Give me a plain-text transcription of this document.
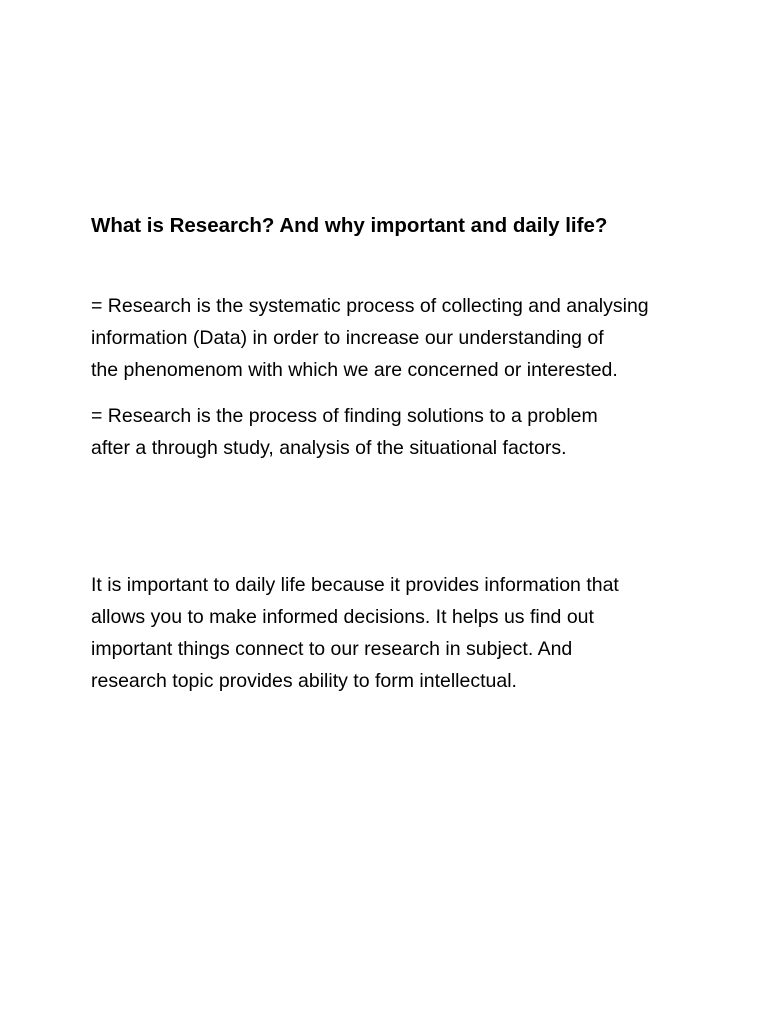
What is Research? And why important and daily life?

= Research is the systematic process of collecting and analysing
information (Data) in order to increase our understanding of
the phenomenom with which we are concerned or interested.

= Research is the process of finding solutions to a problem
after a through study, analysis of the situational factors.

It is important to daily life because it provides information that
allows you to make informed decisions. It helps us find out
important things connect to our research in subject. And
research topic provides ability to form intellectual.
